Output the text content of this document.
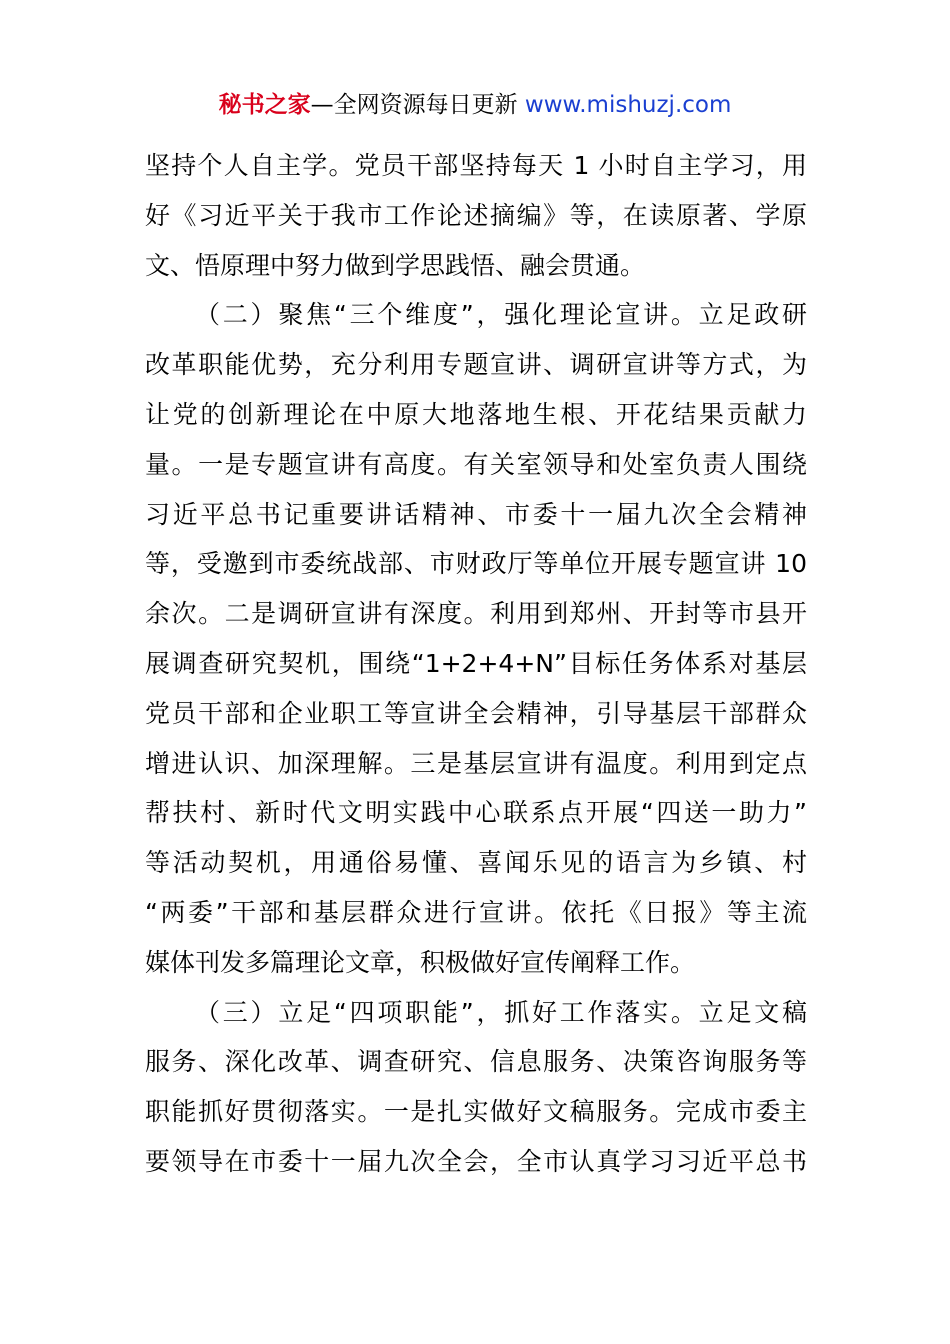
秘书之家—全网资源每日更新 www.mishuzj.com
坚持个人自主学。党员干部坚持每天 1 小时自主学习，用
好《习近平关于我市工作论述摘编》等，在读原著、学原
文、悟原理中努力做到学思践悟、融会贯通。
（二）聚焦“三个维度”，强化理论宣讲。立足政研
改革职能优势，充分利用专题宣讲、调研宣讲等方式，为
让党的创新理论在中原大地落地生根、开花结果贡献力
量。一是专题宣讲有高度。有关室领导和处室负责人围绕
习近平总书记重要讲话精神、市委十一届九次全会精神
等，受邀到市委统战部、市财政厅等单位开展专题宣讲 10
余次。二是调研宣讲有深度。利用到郑州、开封等市县开
展调查研究契机，围绕“1+2+4+N”目标任务体系对基层
党员干部和企业职工等宣讲全会精神，引导基层干部群众
增进认识、加深理解。三是基层宣讲有温度。利用到定点
帮扶村、新时代文明实践中心联系点开展“四送一助力”
等活动契机，用通俗易懂、喜闻乐见的语言为乡镇、村
“两委”干部和基层群众进行宣讲。依托《日报》等主流
媒体刊发多篇理论文章，积极做好宣传阐释工作。
（三）立足“四项职能”，抓好工作落实。立足文稿
服务、深化改革、调查研究、信息服务、决策咨询服务等
职能抓好贯彻落实。一是扎实做好文稿服务。完成市委主
要领导在市委十一届九次全会，全市认真学习习近平总书
